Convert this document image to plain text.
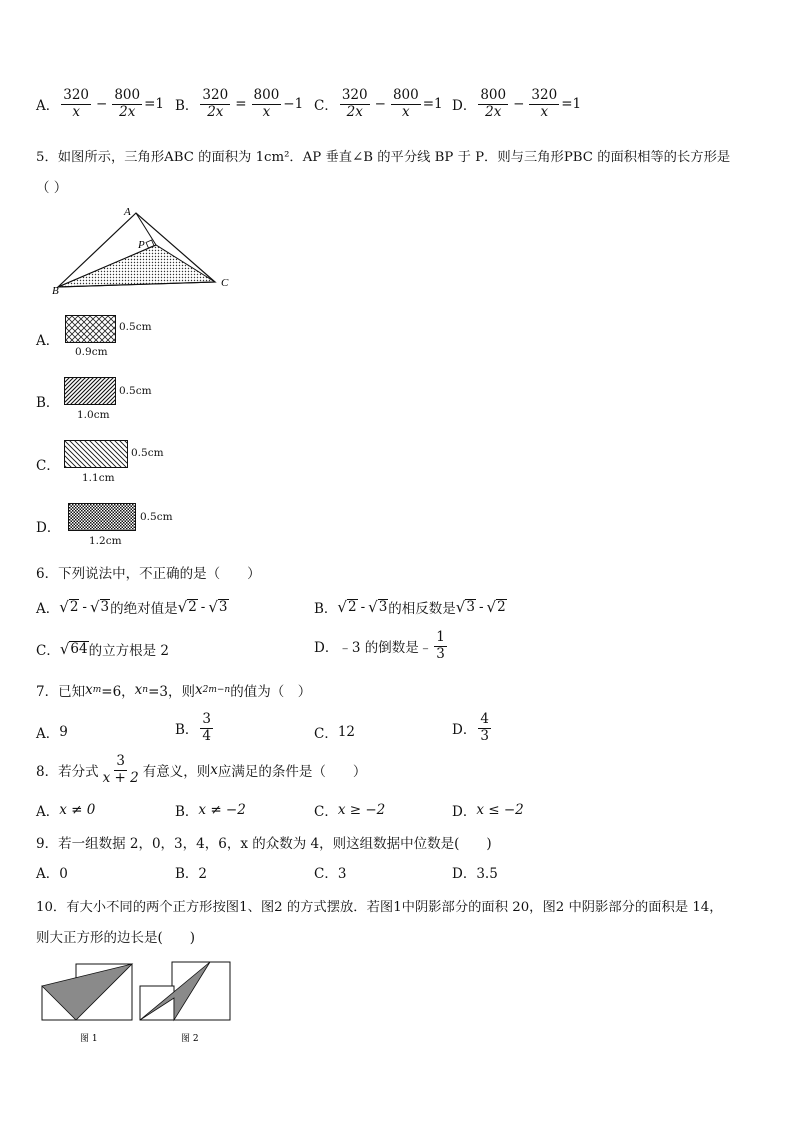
A． $\frac{320}{x} - \frac{800}{2x} =1$ B． $\frac{320}{2x} = \frac{800}{x} -1$ C． $\frac{320}{2x} - \frac{800}{x} =1$ D． $\frac{800}{2x} - \frac{320}{x} =1$
5．如图所示，三角形ABC 的面积为 1cm²．AP 垂直∠B 的平分线 BP 于 P．则与三角形PBC 的面积相等的长方形是
（ ）
A
P
B
C
A．
0.5cm
0.9cm
B．
0.5cm
1.0cm
C．
0.5cm
1.1cm
D．
0.5cm
1.2cm
6．下列说法中，不正确的是（　　）
A． √ 2 - √ 3 的绝对值是 √ 2 - √ 3	B． √ 2 - √ 3 的相反数是 √ 3 - √ 2
C． √ 64 的立方根是 2	D． ﹣3 的倒数是﹣ $\frac{1}{3}$
7．已知 x m =6， x n =3，则 x 2m−n 的值为（　）
A． 9	B． $\frac{3}{4}$	C． 12	D． $\frac{4}{3}$
8．若分式 $\frac{3}{x + 2}$ 有意义，则 x 应满足的条件是（　　）
A． x ≠ 0	B． x ≠ −2	C． x ≥ −2	D． x ≤ −2
9．若一组数据 2，0，3，4，6，x 的众数为 4，则这组数据中位数是(　　)
A．0	B．2	C．3	D．3.5
10．有大小不同的两个正方形按图1、图2 的方式摆放．若图1中阴影部分的面积 20，图2 中阴影部分的面积是 14，
则大正方形的边长是(　　)
图 1	图 2
